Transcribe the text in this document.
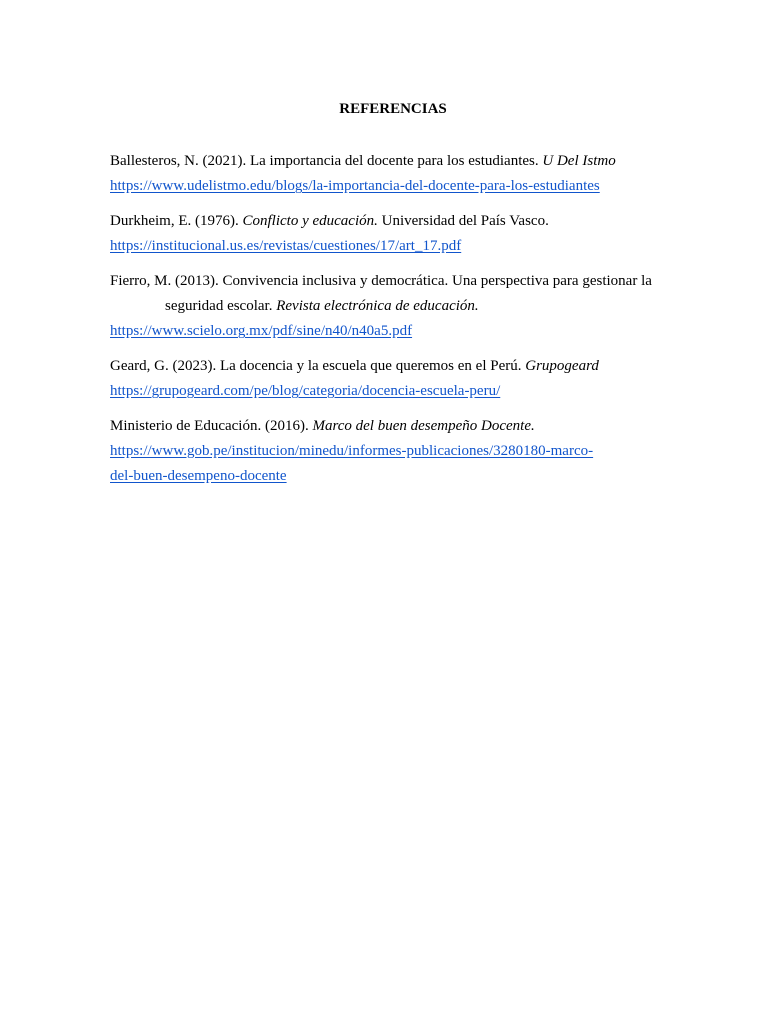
REFERENCIAS

Ballesteros, N. (2021). La importancia del docente para los estudiantes. U Del Istmo
https://www.udelistmo.edu/blogs/la-importancia-del-docente-para-los-estudiantes

Durkheim, E. (1976). Conflicto y educación. Universidad del País Vasco.
https://institucional.us.es/revistas/cuestiones/17/art_17.pdf

Fierro, M. (2013). Convivencia inclusiva y democrática. Una perspectiva para gestionar la seguridad escolar. Revista electrónica de educación.
https://www.scielo.org.mx/pdf/sine/n40/n40a5.pdf

Geard, G. (2023). La docencia y la escuela que queremos en el Perú. Grupogeard
https://grupogeard.com/pe/blog/categoria/docencia-escuela-peru/

Ministerio de Educación. (2016). Marco del buen desempeño Docente.
https://www.gob.pe/institucion/minedu/informes-publicaciones/3280180-marco-
del-buen-desempeno-docente
